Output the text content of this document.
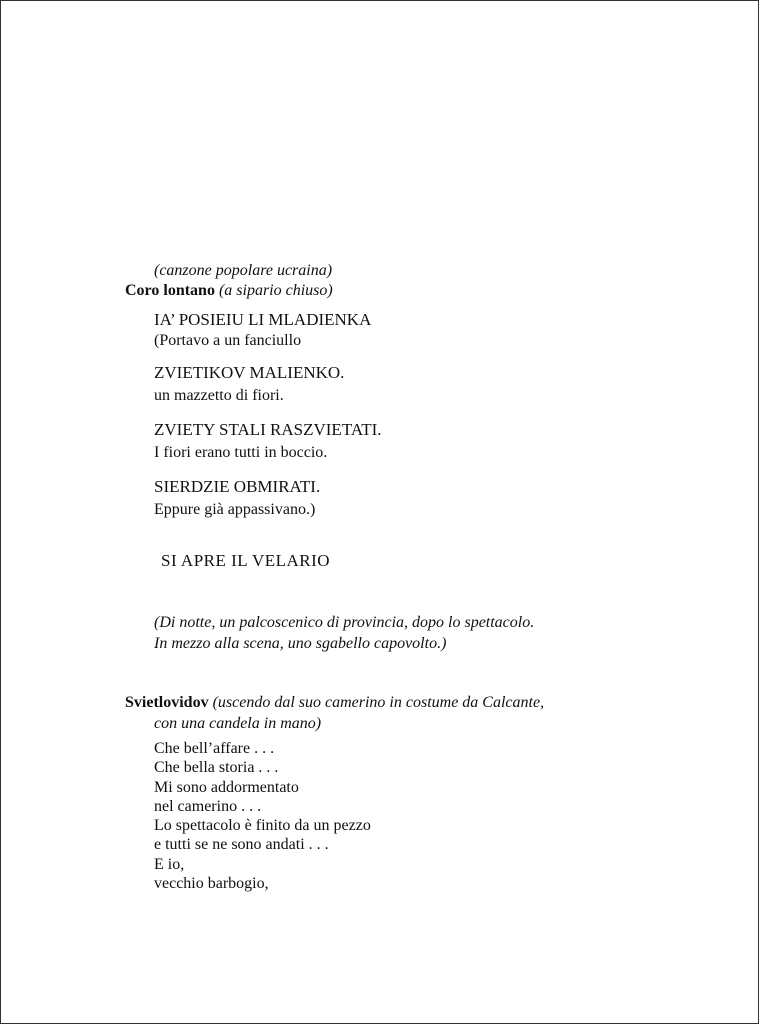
(canzone popolare ucraina)

Coro lontano (a sipario chiuso)

IA’ POSIEIU LI MLADIENKA

(Portavo a un fanciullo

ZVIETIKOV MALIENKO.

un mazzetto di fiori.

ZVIETY STALI RASZVIETATI.

I fiori erano tutti in boccio.

SIERDZIE OBMIRATI.

Eppure già appassivano.)

SI APRE IL VELARIO

(Di notte, un palcoscenico di provincia, dopo lo spettacolo.
In mezzo alla scena, uno sgabello capovolto.)

Svietlovidov (uscendo dal suo camerino in costume da Calcante,
con una candela in mano)

Che bell’affare . . .
Che bella storia . . .
Mi sono addormentato
nel camerino . . .
Lo spettacolo è finito da un pezzo
e tutti se ne sono andati . . .
E io,
vecchio barbogio,
